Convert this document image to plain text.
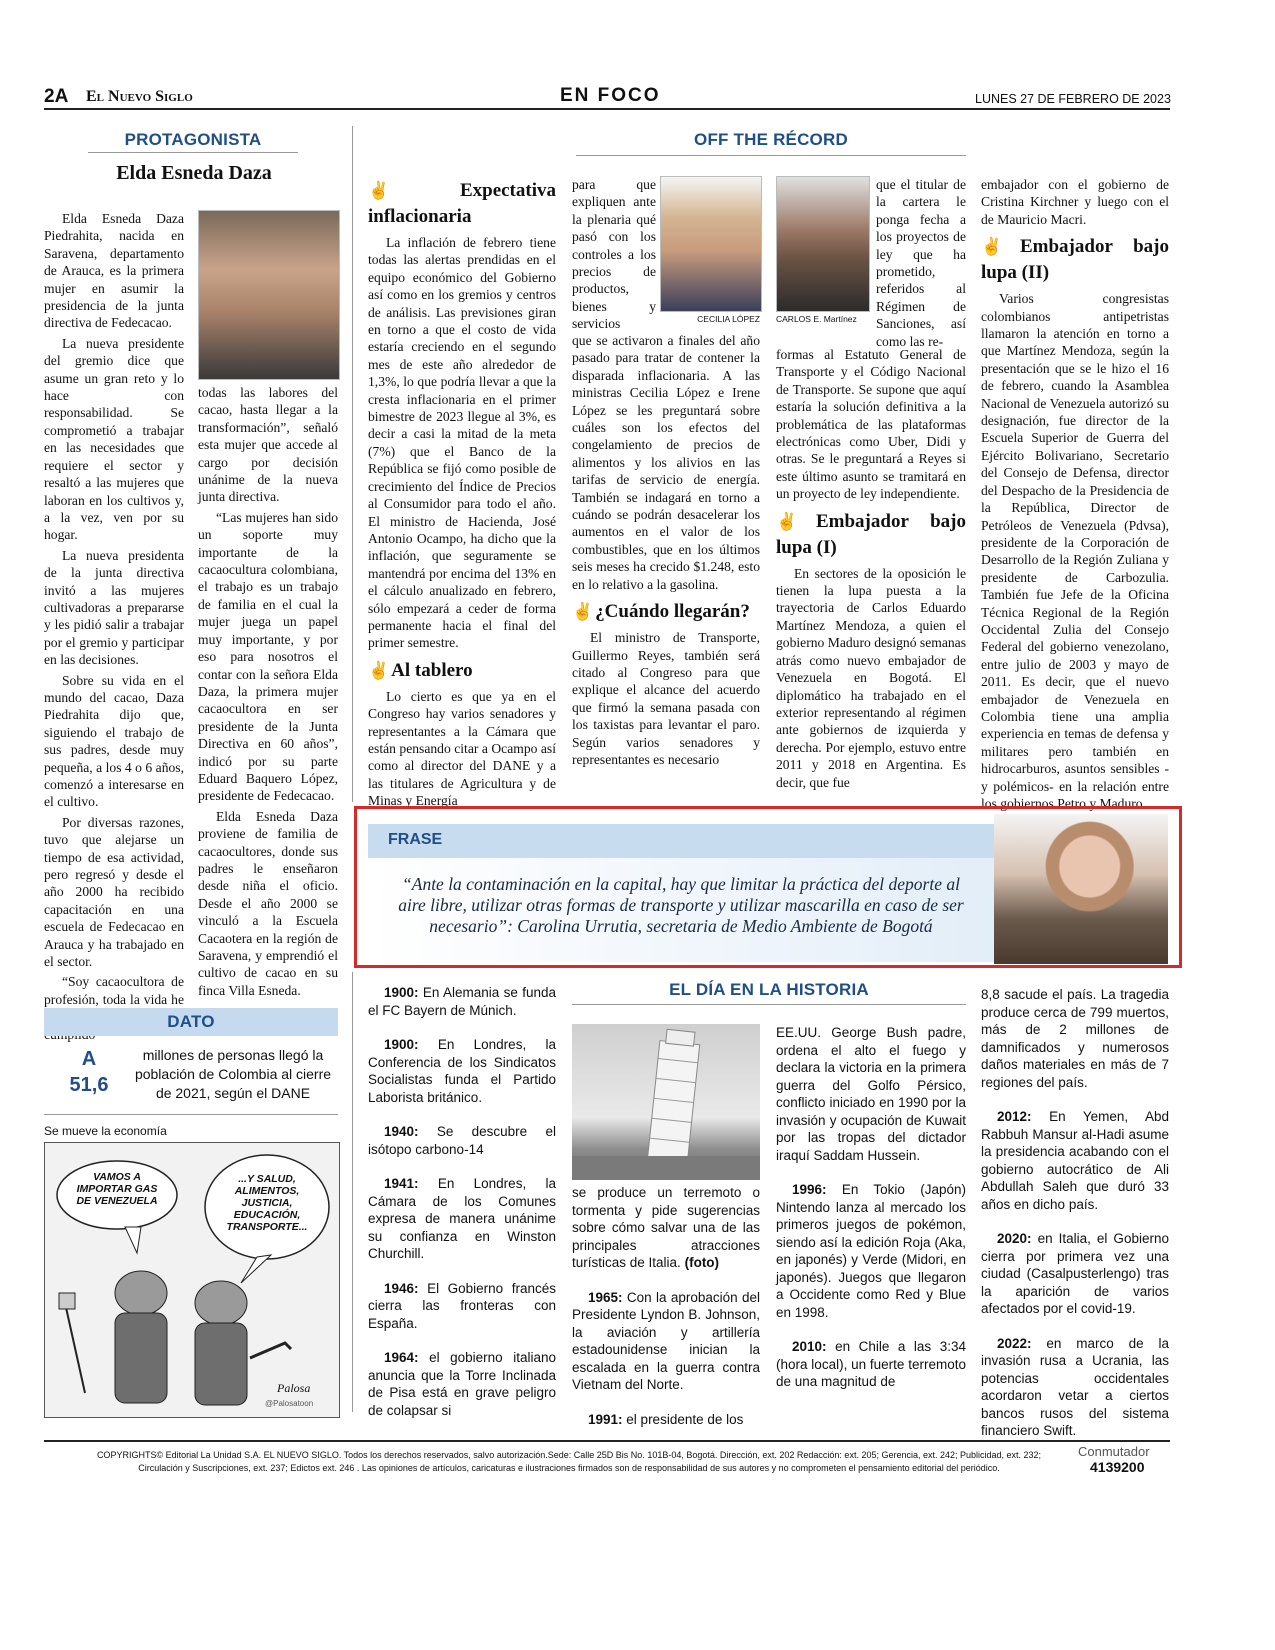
2A El Nuevo Siglo	EN FOCO	LUNES 27 DE FEBRERO DE 2023
PROTAGONISTA
Elda Esneda Daza

Elda Esneda Daza Piedrahita, nacida en Saravena, departamento de Arauca, es la primera mujer en asumir la presidencia de la junta directiva de Fedecacao.

La nueva presidente del gremio dice que asume un gran reto y lo hace con responsabilidad. Se comprometió a trabajar en las necesidades que requiere el sector y resaltó a las mujeres que laboran en los cultivos y, a la vez, ven por su hogar.

La nueva presidenta de la junta directiva invitó a las mujeres cultivadoras a prepararse y les pidió salir a trabajar por el gremio y participar en las decisiones.

Sobre su vida en el mundo del cacao, Daza Piedrahita dijo que, siguiendo el trabajo de sus padres, desde muy pequeña, a los 4 o 6 años, comenzó a interesarse en el cultivo.

Por diversas razones, tuvo que alejarse un tiempo de esa actividad, pero regresó y desde el año 2000 ha recibido capacitación en una escuela de Fedecacao en Arauca y ha trabajado en el sector.

“Soy cacaocultora de profesión, toda la vida he

todas las labores del cacao, hasta llegar a la transformación”, señaló esta mujer que accede al cargo por decisión unánime de la nueva junta directiva.

“Las mujeres han sido un soporte muy importante de la cacaocultura colombiana, el trabajo es un trabajo de familia en el cual la mujer juega un papel muy importante, y por eso para nosotros el contar con la señora Elda Daza, la primera mujer cacaocultora en ser presidente de la Junta Directiva en 60 años”, indicó por su parte Eduard Baquero López, presidente de Fedecacao.

Elda Esneda Daza proviene de familia de cacaocultores, donde sus padres le enseñaron desde niña el oficio. Desde el año 2000 se vinculó a la Escuela Cacaotera en la región de Saravena, y emprendió el cultivo de cacao en su finca Villa Esneda.

DATO
A 51,6
millones de personas llegó la población de Colombia al cierre de 2021, según el DANE
Se mueve la economía
VAMOS A IMPORTAR GAS DE VENEZUELA
...Y SALUD, ALIMENTOS, JUSTICIA, EDUCACIÓN, TRANSPORTE...
Palosa
@Palosatoon
OFF THE RÉCORD
✌ Expectativa inflacionaria

La inflación de febrero tiene todas las alertas prendidas en el equipo económico del Gobierno así como en los gremios y centros de análisis. Las previsiones giran en torno a que el costo de vida estaría creciendo en el segundo mes de este año alrededor de 1,3%, lo que podría llevar a que la cresta inflacionaria en el primer bimestre de 2023 llegue al 3%, es decir a casi la mitad de la meta (7%) que el Banco de la República se fijó como posible de crecimiento del Índice de Precios al Consumidor para todo el año. El ministro de Hacienda, José Antonio Ocampo, ha dicho que la inflación, que seguramente se mantendrá por encima del 13% en el cálculo anualizado en febrero, sólo empezará a ceder de forma permanente hacia el final del primer semestre.

✌ Al tablero

Lo cierto es que ya en el Congreso hay varios senadores y representantes a la Cámara que están pensando citar a Ocampo así como al director del DANE y a las titulares de Agricultura y de Minas y Energía

CECILIA LÓPEZ

para que expliquen ante la plenaria qué pasó con los controles a los precios de productos, bienes y servicios

que se activaron a finales del año pasado para tratar de contener la disparada inflacionaria. A las ministras Cecilia López e Irene López se les preguntará sobre cuáles son los efectos del congelamiento de precios de alimentos y los alivios en las tarifas de servicio de energía. También se indagará en torno a cuándo se podrán desacelerar los aumentos en el valor de los combustibles, que en los últimos seis meses ha crecido $1.248, esto en lo relativo a la gasolina.

✌ ¿Cuándo llegarán?

El ministro de Transporte, Guillermo Reyes, también será citado al Congreso para que explique el alcance del acuerdo que firmó la semana pasada con los taxistas para levantar el paro. Según varios senadores y representantes es necesario

CARLOS E. Martínez

que el titular de la cartera le ponga fecha a los proyectos de ley que ha prometido, referidos al Régimen de Sanciones, así como las re-

formas al Estatuto General de Transporte y el Código Nacional de Transporte. Se supone que aquí estaría la solución definitiva a la problemática de las plataformas electrónicas como Uber, Didi y otras. Se le preguntará a Reyes si este último asunto se tramitará en un proyecto de ley independiente.

✌ Embajador bajo lupa (I)

En sectores de la oposición le tienen la lupa puesta a la trayectoria de Carlos Eduardo Martínez Mendoza, a quien el gobierno Maduro designó semanas atrás como nuevo embajador de Venezuela en Bogotá. El diplomático ha trabajado en el exterior representando al régimen ante gobiernos de izquierda y derecha. Por ejemplo, estuvo entre 2011 y 2018 en Argentina. Es decir, que fue

embajador con el gobierno de Cristina Kirchner y luego con el de Mauricio Macri.

✌ Embajador bajo lupa (II)

Varios congresistas colombianos antipetristas llamaron la atención en torno a que Martínez Mendoza, según la presentación que se le hizo el 16 de febrero, cuando la Asamblea Nacional de Venezuela autorizó su designación, fue director de la Escuela Superior de Guerra del Ejército Bolivariano, Secretario del Consejo de Defensa, director del Despacho de la Presidencia de la República, Director de Petróleos de Venezuela (Pdvsa), presidente de la Corporación de Desarrollo de la Región Zuliana y presidente de Carbozulia. También fue Jefe de la Oficina Técnica Regional de la Región Occidental Zulia del Consejo Federal del gobierno venezolano, entre julio de 2003 y mayo de 2011. Es decir, que el nuevo embajador de Venezuela en Colombia tiene una amplia experiencia en temas de defensa y militares pero también en hidrocarburos, asuntos sensibles -y polémicos- en la relación entre los gobiernos Petro y Maduro.

FRASE
“Ante la contaminación en la capital, hay que limitar la práctica del deporte al aire libre, utilizar otras formas de transporte y utilizar mascarilla en caso de ser necesario”: Carolina Urrutia, secretaria de Medio Ambiente de Bogotá
EL DÍA EN LA HISTORIA

1900: En Alemania se funda el FC Bayern de Múnich.

1900: En Londres, la Conferencia de los Sindicatos Socialistas funda el Partido Laborista británico.

1940: Se descubre el isótopo carbono-14

1941: En Londres, la Cámara de los Comunes expresa de manera unánime su confianza en Winston Churchill.

1946: El Gobierno francés cierra las fronteras con España.

1964: el gobierno italiano anuncia que la Torre Inclinada de Pisa está en grave peligro de colapsar si

se produce un terremoto o tormenta y pide sugerencias sobre cómo salvar una de las principales atracciones turísticas de Italia. (foto)

1965: Con la aprobación del Presidente Lyndon B. Johnson, la aviación y artillería estadounidense inician la escalada en la guerra contra Vietnam del Norte.

1991: el presidente de los

EE.UU. George Bush padre, ordena el alto el fuego y declara la victoria en la primera guerra del Golfo Pérsico, conflicto iniciado en 1990 por la invasión y ocupación de Kuwait por las tropas del dictador iraquí Saddam Hussein.

1996: En Tokio (Japón) Nintendo lanza al mercado los primeros juegos de pokémon, siendo así la edición Roja (Aka, en japonés) y Verde (Midori, en japonés). Juegos que llegaron a Occidente como Red y Blue en 1998.

2010: en Chile a las 3:34 (hora local), un fuerte terremoto de una magnitud de

8,8 sacude el país. La tragedia produce cerca de 799 muertos, más de 2 millones de damnificados y numerosos daños materiales en más de 7 regiones del país.

2012: En Yemen, Abd Rabbuh Mansur al-Hadi asume la presidencia acabando con el gobierno autocrático de Ali Abdullah Saleh que duró 33 años en dicho país.

2020: en Italia, el Gobierno cierra por primera vez una ciudad (Casalpusterlengo) tras la aparición de varios afectados por el covid-19.

2022: en marco de la invasión rusa a Ucrania, las potencias occidentales acordaron vetar a ciertos bancos rusos del sistema financiero Swift.

COPYRIGHTS© Editorial La Unidad S.A. EL NUEVO SIGLO. Todos los derechos reservados, salvo autorización.Sede: Calle 25D Bis No. 101B-04, Bogotá. Dirección, ext. 202 Redacción: ext. 205; Gerencia, ext. 242; Publicidad, ext. 232;
Circulación y Suscripciones, ext. 237; Edictos ext. 246 . Las opiniones de artículos, caricaturas e ilustraciones firmados son de responsabilidad de sus autores y no comprometen el pensamiento editorial del periódico.
Conmutador
4139200
